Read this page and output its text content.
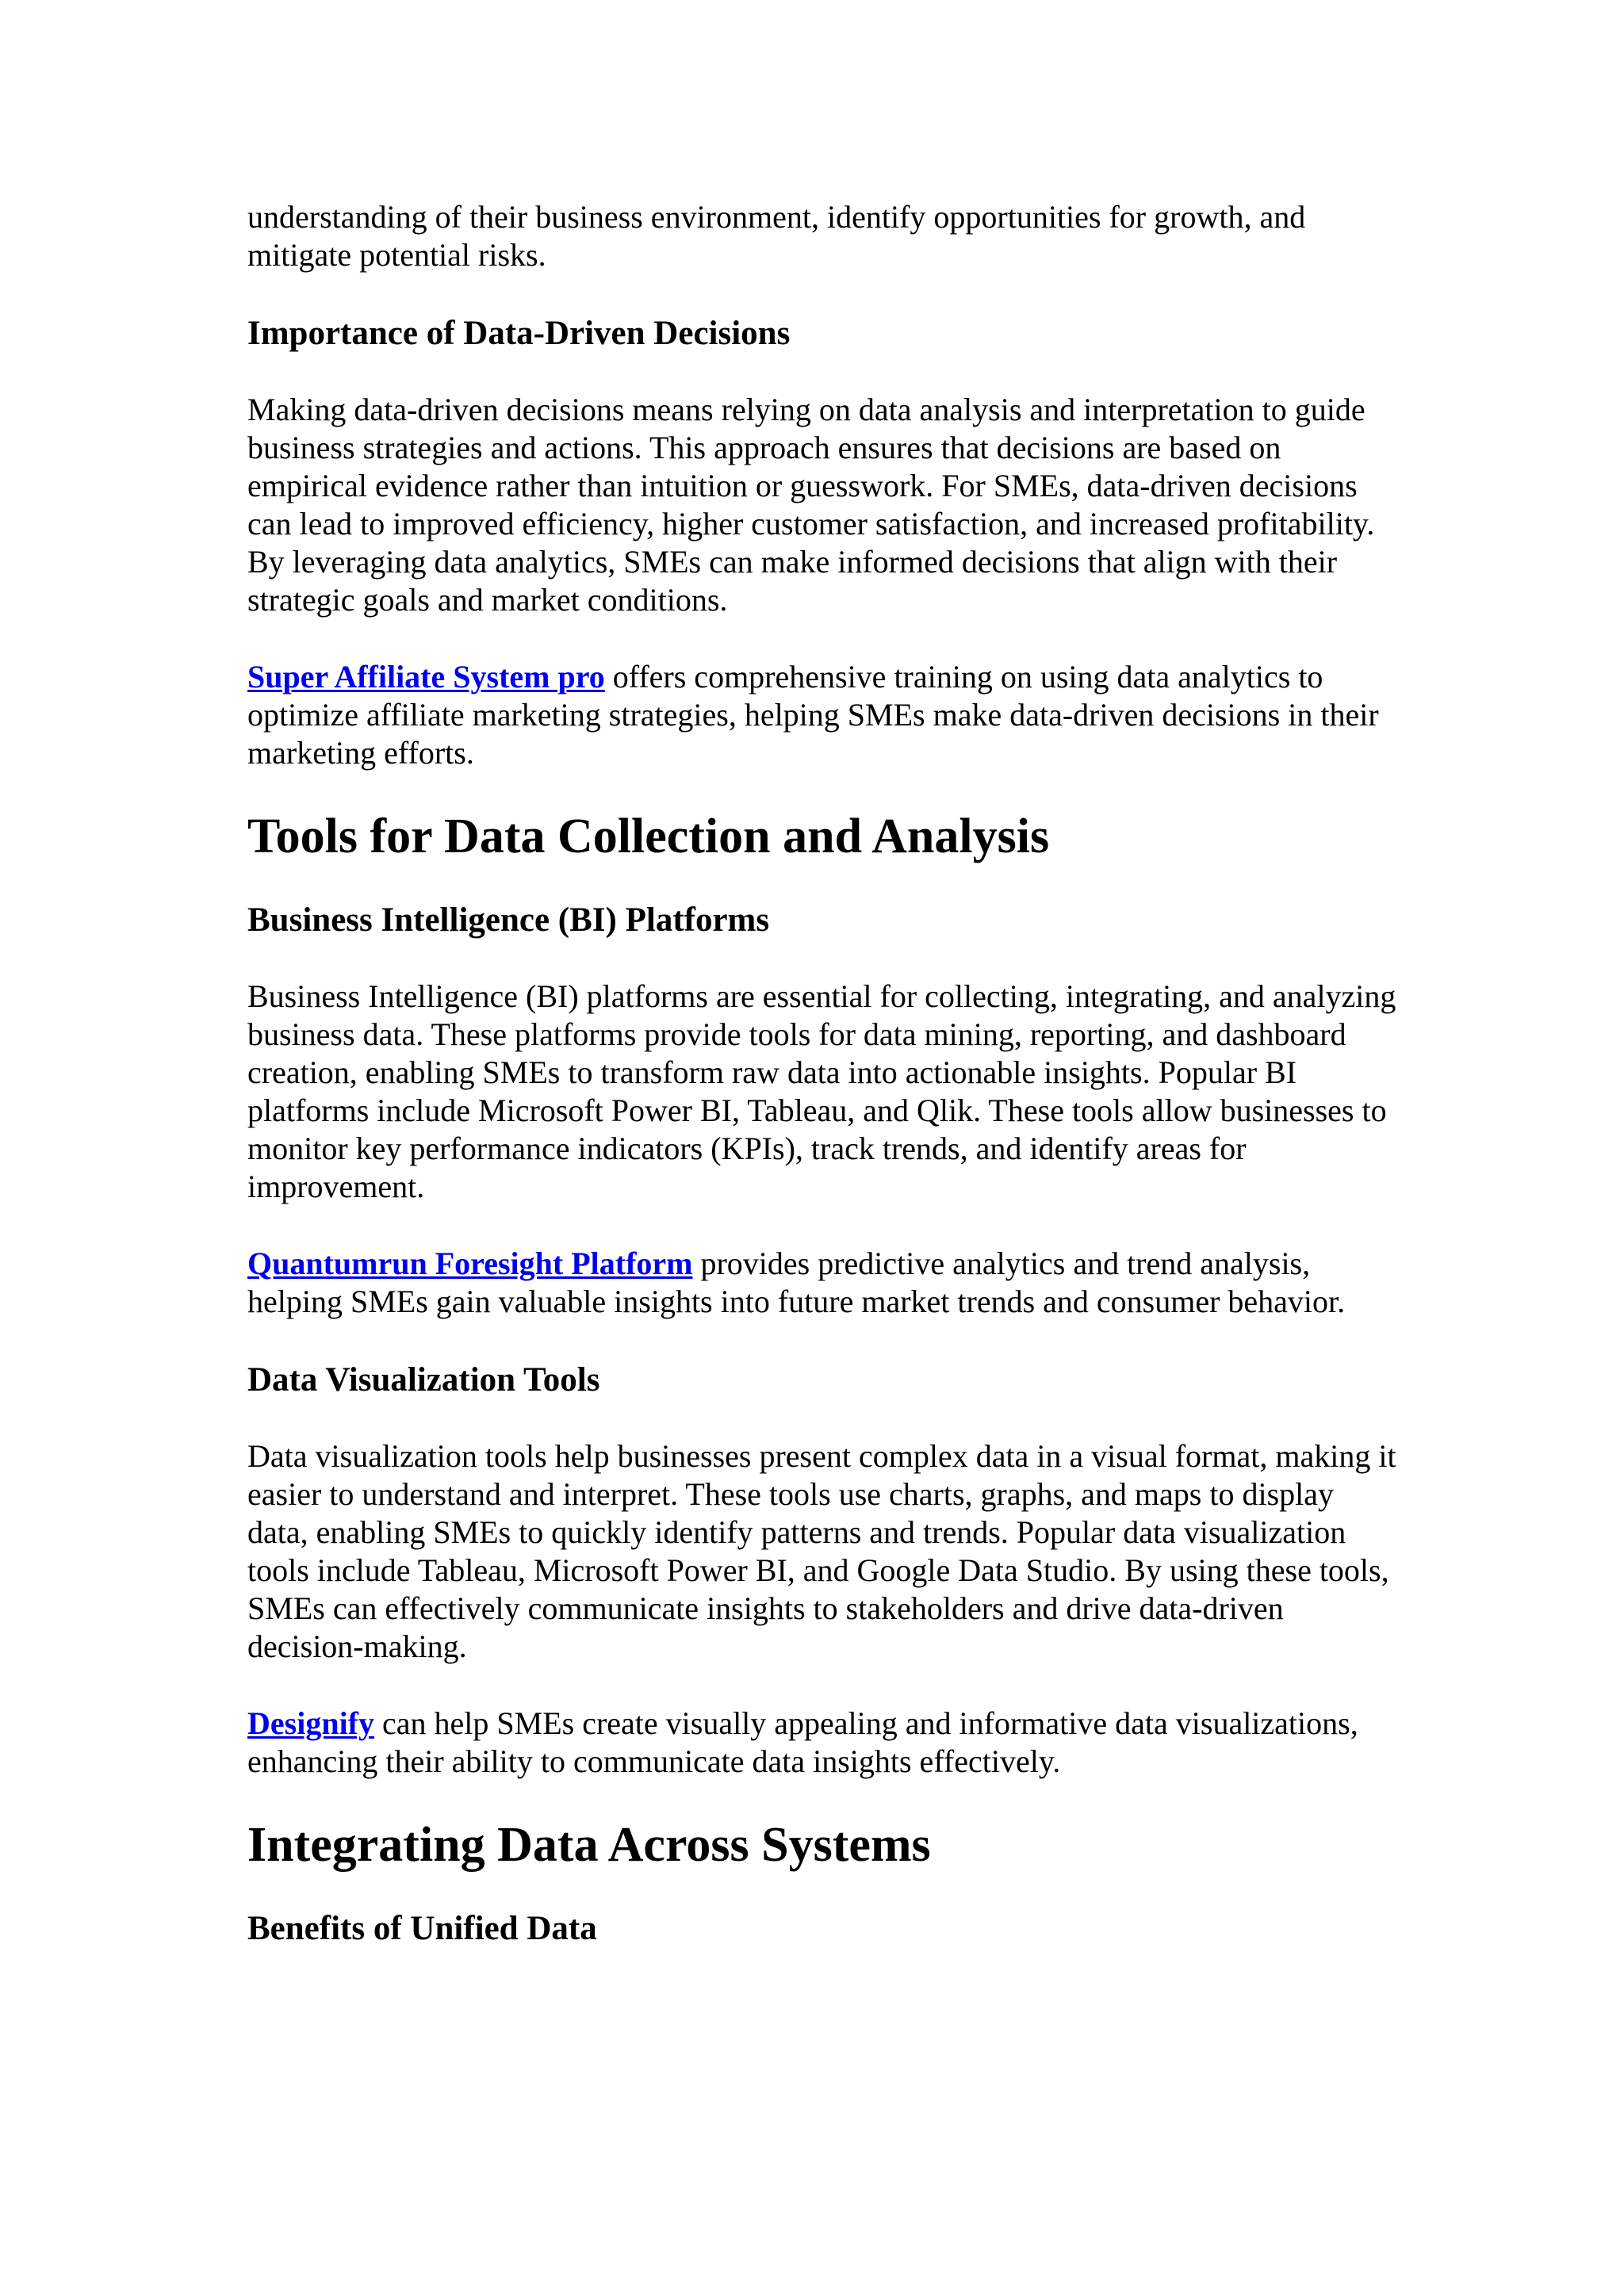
understanding of their business environment, identify opportunities for growth, and mitigate potential risks.

Importance of Data-Driven Decisions

Making data-driven decisions means relying on data analysis and interpretation to guide business strategies and actions. This approach ensures that decisions are based on empirical evidence rather than intuition or guesswork. For SMEs, data-driven decisions can lead to improved efficiency, higher customer satisfaction, and increased profitability. By leveraging data analytics, SMEs can make informed decisions that align with their strategic goals and market conditions.

Super Affiliate System pro offers comprehensive training on using data analytics to optimize affiliate marketing strategies, helping SMEs make data-driven decisions in their marketing efforts.

Tools for Data Collection and Analysis
Business Intelligence (BI) Platforms

Business Intelligence (BI) platforms are essential for collecting, integrating, and analyzing business data. These platforms provide tools for data mining, reporting, and dashboard creation, enabling SMEs to transform raw data into actionable insights. Popular BI platforms include Microsoft Power BI, Tableau, and Qlik. These tools allow businesses to monitor key performance indicators (KPIs), track trends, and identify areas for improvement.

Quantumrun Foresight Platform provides predictive analytics and trend analysis, helping SMEs gain valuable insights into future market trends and consumer behavior.

Data Visualization Tools

Data visualization tools help businesses present complex data in a visual format, making it easier to understand and interpret. These tools use charts, graphs, and maps to display data, enabling SMEs to quickly identify patterns and trends. Popular data visualization tools include Tableau, Microsoft Power BI, and Google Data Studio. By using these tools, SMEs can effectively communicate insights to stakeholders and drive data-driven decision-making.

Designify can help SMEs create visually appealing and informative data visualizations, enhancing their ability to communicate data insights effectively.

Integrating Data Across Systems
Benefits of Unified Data
